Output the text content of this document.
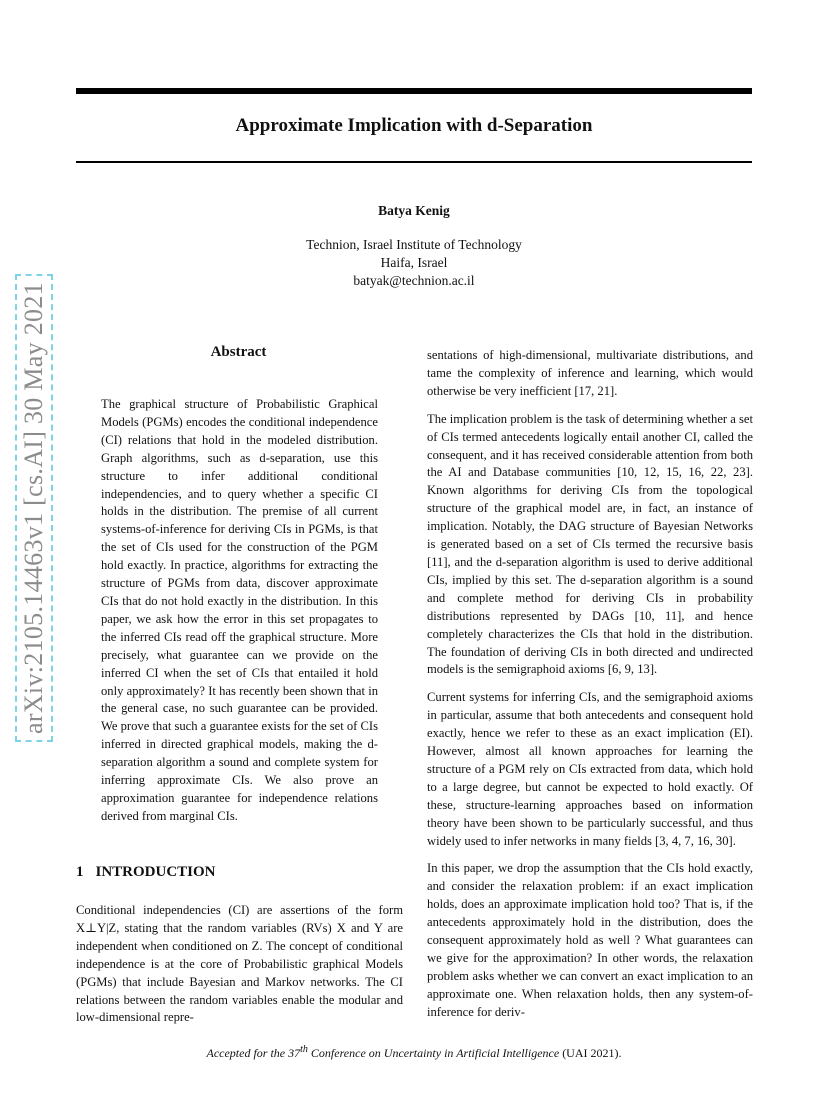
arXiv:2105.14463v1 [cs.AI] 30 May 2021
Approximate Implication with d-Separation
Batya Kenig
Technion, Israel Institute of Technology
Haifa, Israel
batyak@technion.ac.il
Abstract
The graphical structure of Probabilistic Graphical Models (PGMs) encodes the conditional independence (CI) relations that hold in the modeled distribution. Graph algorithms, such as d-separation, use this structure to infer additional conditional independencies, and to query whether a specific CI holds in the distribution. The premise of all current systems-of-inference for deriving CIs in PGMs, is that the set of CIs used for the construction of the PGM hold exactly. In practice, algorithms for extracting the structure of PGMs from data, discover approximate CIs that do not hold exactly in the distribution. In this paper, we ask how the error in this set propagates to the inferred CIs read off the graphical structure. More precisely, what guarantee can we provide on the inferred CI when the set of CIs that entailed it hold only approximately? It has recently been shown that in the general case, no such guarantee can be provided. We prove that such a guarantee exists for the set of CIs inferred in directed graphical models, making the d-separation algorithm a sound and complete system for inferring approximate CIs. We also prove an approximation guarantee for independence relations derived from marginal CIs.
1 INTRODUCTION
Conditional independencies (CI) are assertions of the form X⊥Y|Z, stating that the random variables (RVs) X and Y are independent when conditioned on Z. The concept of conditional independence is at the core of Probabilistic graphical Models (PGMs) that include Bayesian and Markov networks. The CI relations between the random variables enable the modular and low-dimensional repre-

sentations of high-dimensional, multivariate distributions, and tame the complexity of inference and learning, which would otherwise be very inefficient [17, 21].

The implication problem is the task of determining whether a set of CIs termed antecedents logically entail another CI, called the consequent, and it has received considerable attention from both the AI and Database communities [10, 12, 15, 16, 22, 23]. Known algorithms for deriving CIs from the topological structure of the graphical model are, in fact, an instance of implication. Notably, the DAG structure of Bayesian Networks is generated based on a set of CIs termed the recursive basis [11], and the d-separation algorithm is used to derive additional CIs, implied by this set. The d-separation algorithm is a sound and complete method for deriving CIs in probability distributions represented by DAGs [10, 11], and hence completely characterizes the CIs that hold in the distribution. The foundation of deriving CIs in both directed and undirected models is the semigraphoid axioms [6, 9, 13].

Current systems for inferring CIs, and the semigraphoid axioms in particular, assume that both antecedents and consequent hold exactly, hence we refer to these as an exact implication (EI). However, almost all known approaches for learning the structure of a PGM rely on CIs extracted from data, which hold to a large degree, but cannot be expected to hold exactly. Of these, structure-learning approaches based on information theory have been shown to be particularly successful, and thus widely used to infer networks in many fields [3, 4, 7, 16, 30].

In this paper, we drop the assumption that the CIs hold exactly, and consider the relaxation problem: if an exact implication holds, does an approximate implication hold too? That is, if the antecedents approximately hold in the distribution, does the consequent approximately hold as well ? What guarantees can we give for the approximation? In other words, the relaxation problem asks whether we can convert an exact implication to an approximate one. When relaxation holds, then any system-of-inference for deriv-

Accepted for the 37th Conference on Uncertainty in Artificial Intelligence (UAI 2021).
